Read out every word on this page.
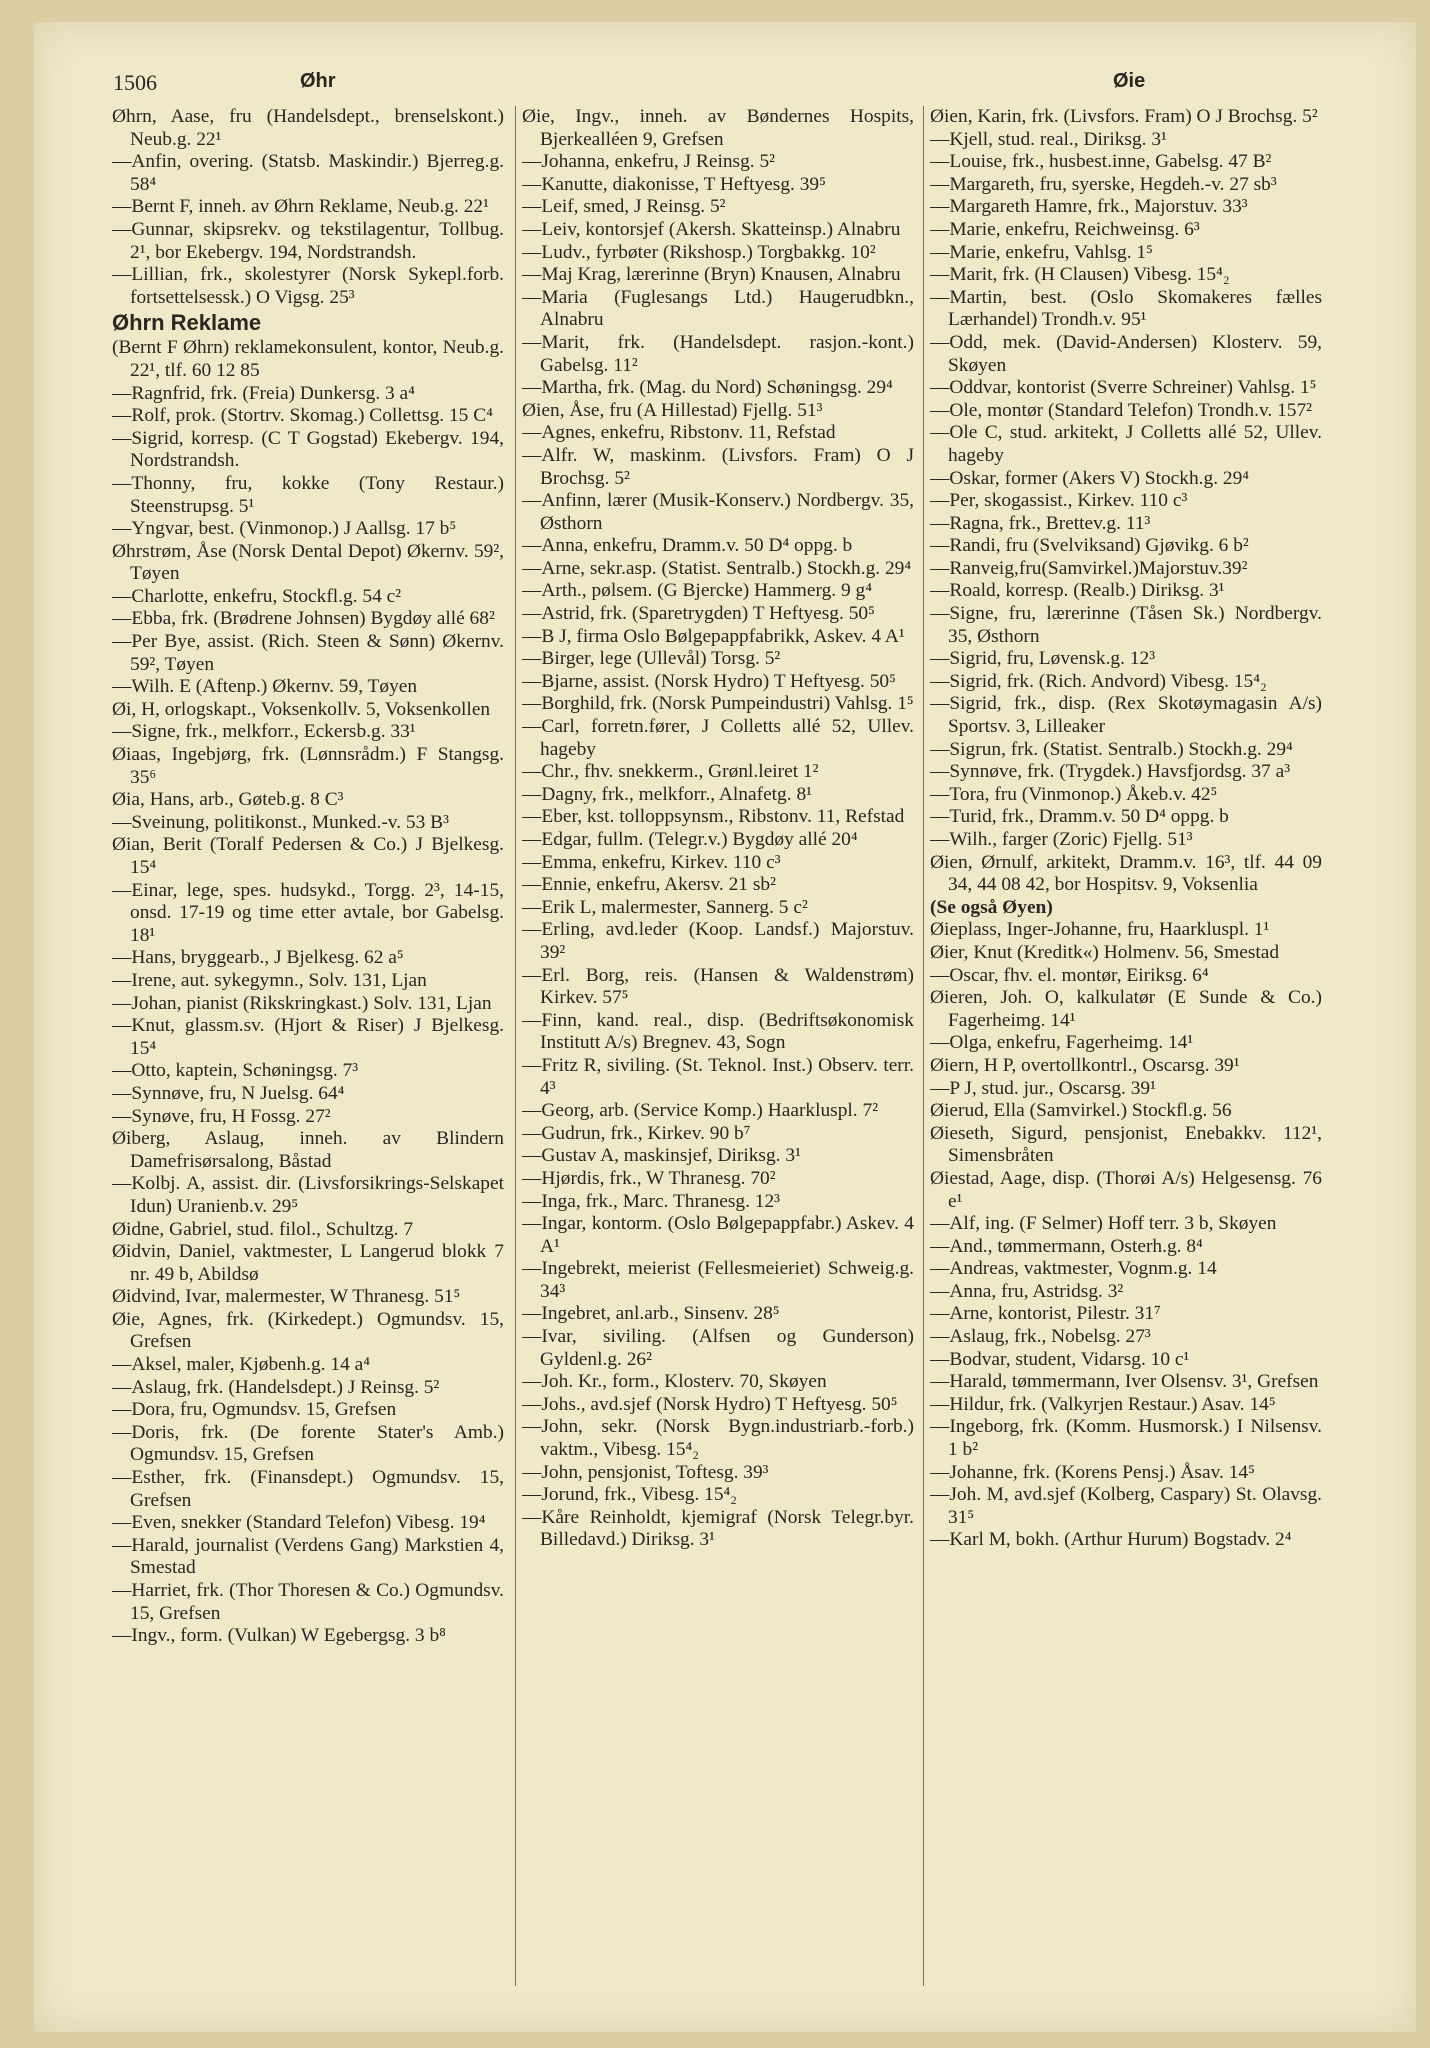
1506	Øhr	Øie
Øhrn, Aase, fru (Handelsdept., brenselskont.) Neub.g. 22¹
—Anfin, overing. (Statsb. Maskindir.) Bjerreg.g. 58⁴
—Bernt F, inneh. av Øhrn Reklame, Neub.g. 22¹
—Gunnar, skipsrekv. og tekstilagentur, Tollbug. 2¹, bor Ekebergv. 194, Nordstrandsh.
—Lillian, frk., skolestyrer (Norsk Sykepl.forb. fortsettelsessk.) O Vigsg. 25³
Øhrn Reklame
(Bernt F Øhrn) reklamekonsulent, kontor, Neub.g. 22¹, tlf. 60 12 85
—Ragnfrid, frk. (Freia) Dunkersg. 3 a⁴
—Rolf, prok. (Stortrv. Skomag.) Collettsg. 15 C⁴
—Sigrid, korresp. (C T Gogstad) Ekebergv. 194, Nordstrandsh.
—Thonny, fru, kokke (Tony Restaur.) Steenstrupsg. 5¹
—Yngvar, best. (Vinmonop.) J Aallsg. 17 b⁵
Øhrstrøm, Åse (Norsk Dental Depot) Økernv. 59², Tøyen
—Charlotte, enkefru, Stockfl.g. 54 c²
—Ebba, frk. (Brødrene Johnsen) Bygdøy allé 68²
—Per Bye, assist. (Rich. Steen & Sønn) Økernv. 59², Tøyen
—Wilh. E (Aftenp.) Økernv. 59, Tøyen
Øi, H, orlogskapt., Voksenkollv. 5, Voksenkollen
—Signe, frk., melkforr., Eckersb.g. 33¹
Øiaas, Ingebjørg, frk. (Lønnsrådm.) F Stangsg. 35⁶
Øia, Hans, arb., Gøteb.g. 8 C³
—Sveinung, politikonst., Munked.-v. 53 B³
Øian, Berit (Toralf Pedersen & Co.) J Bjelkesg. 15⁴
—Einar, lege, spes. hudsykd., Torgg. 2³, 14-15, onsd. 17-19 og time etter avtale, bor Gabelsg. 18¹
—Hans, bryggearb., J Bjelkesg. 62 a⁵
—Irene, aut. sykegymn., Solv. 131, Ljan
—Johan, pianist (Rikskringkast.) Solv. 131, Ljan
—Knut, glassm.sv. (Hjort & Riser) J Bjelkesg. 15⁴
—Otto, kaptein, Schøningsg. 7³
—Synnøve, fru, N Juelsg. 64⁴
—Synøve, fru, H Fossg. 27²
Øiberg, Aslaug, inneh. av Blindern Damefrisørsalong, Båstad
—Kolbj. A, assist. dir. (Livsforsikrings-Selskapet Idun) Uranienb.v. 29⁵
Øidne, Gabriel, stud. filol., Schultzg. 7
Øidvin, Daniel, vaktmester, L Langerud blokk 7 nr. 49 b, Abildsø
Øidvind, Ivar, malermester, W Thranesg. 51⁵
Øie, Agnes, frk. (Kirkedept.) Ogmundsv. 15, Grefsen
—Aksel, maler, Kjøbenh.g. 14 a⁴
—Aslaug, frk. (Handelsdept.) J Reinsg. 5²
—Dora, fru, Ogmundsv. 15, Grefsen
—Doris, frk. (De forente Stater's Amb.) Ogmundsv. 15, Grefsen
—Esther, frk. (Finansdept.) Ogmundsv. 15, Grefsen
—Even, snekker (Standard Telefon) Vibesg. 19⁴
—Harald, journalist (Verdens Gang) Markstien 4, Smestad
—Harriet, frk. (Thor Thoresen & Co.) Ogmundsv. 15, Grefsen
—Ingv., form. (Vulkan) W Egebergsg. 3 b⁸
Øie, Ingv., inneh. av Bøndernes Hospits, Bjerkealléen 9, Grefsen
—Johanna, enkefru, J Reinsg. 5²
—Kanutte, diakonisse, T Heftyesg. 39⁵
—Leif, smed, J Reinsg. 5²
—Leiv, kontorsjef (Akersh. Skatteinsp.) Alnabru
—Ludv., fyrbøter (Rikshosp.) Torgbakkg. 10²
—Maj Krag, lærerinne (Bryn) Knausen, Alnabru
—Maria (Fuglesangs Ltd.) Haugerudbkn., Alnabru
—Marit, frk. (Handelsdept. rasjon.-kont.) Gabelsg. 11²
—Martha, frk. (Mag. du Nord) Schøningsg. 29⁴
Øien, Åse, fru (A Hillestad) Fjellg. 51³
—Agnes, enkefru, Ribstonv. 11, Refstad
—Alfr. W, maskinm. (Livsfors. Fram) O J Brochsg. 5²
—Anfinn, lærer (Musik-Konserv.) Nordbergv. 35, Østhorn
—Anna, enkefru, Dramm.v. 50 D⁴ oppg. b
—Arne, sekr.asp. (Statist. Sentralb.) Stockh.g. 29⁴
—Arth., pølsem. (G Bjercke) Hammerg. 9 g⁴
—Astrid, frk. (Sparetrygden) T Heftyesg. 50⁵
—B J, firma Oslo Bølgepappfabrikk, Askev. 4 A¹
—Birger, lege (Ullevål) Torsg. 5²
—Bjarne, assist. (Norsk Hydro) T Heftyesg. 50⁵
—Borghild, frk. (Norsk Pumpeindustri) Vahlsg. 1⁵
—Carl, forretn.fører, J Colletts allé 52, Ullev. hageby
—Chr., fhv. snekkerm., Grønl.leiret 1²
—Dagny, frk., melkforr., Alnafetg. 8¹
—Eber, kst. tolloppsynsm., Ribstonv. 11, Refstad
—Edgar, fullm. (Telegr.v.) Bygdøy allé 20⁴
—Emma, enkefru, Kirkev. 110 c³
—Ennie, enkefru, Akersv. 21 sb²
—Erik L, malermester, Sannerg. 5 c²
—Erling, avd.leder (Koop. Landsf.) Majorstuv. 39²
—Erl. Borg, reis. (Hansen & Waldenstrøm) Kirkev. 57⁵
—Finn, kand. real., disp. (Bedriftsøkonomisk Institutt A/s) Bregnev. 43, Sogn
—Fritz R, siviling. (St. Teknol. Inst.) Observ. terr. 4³
—Georg, arb. (Service Komp.) Haarkluspl. 7²
—Gudrun, frk., Kirkev. 90 b⁷
—Gustav A, maskinsjef, Diriksg. 3¹
—Hjørdis, frk., W Thranesg. 70²
—Inga, frk., Marc. Thranesg. 12³
—Ingar, kontorm. (Oslo Bølgepappfabr.) Askev. 4 A¹
—Ingebrekt, meierist (Fellesmeieriet) Schweig.g. 34³
—Ingebret, anl.arb., Sinsenv. 28⁵
—Ivar, siviling. (Alfsen og Gunderson) Gyldenl.g. 26²
—Joh. Kr., form., Klosterv. 70, Skøyen
—Johs., avd.sjef (Norsk Hydro) T Heftyesg. 50⁵
—John, sekr. (Norsk Bygn.industriarb.-forb.) vaktm., Vibesg. 15⁴₂
—John, pensjonist, Toftesg. 39³
—Jorund, frk., Vibesg. 15⁴₂
—Kåre Reinholdt, kjemigraf (Norsk Telegr.byr. Billedavd.) Diriksg. 3¹
Øien, Karin, frk. (Livsfors. Fram) O J Brochsg. 5²
—Kjell, stud. real., Diriksg. 3¹
—Louise, frk., husbest.inne, Gabelsg. 47 B²
—Margareth, fru, syerske, Hegdeh.-v. 27 sb³
—Margareth Hamre, frk., Majorstuv. 33³
—Marie, enkefru, Reichweinsg. 6³
—Marie, enkefru, Vahlsg. 1⁵
—Marit, frk. (H Clausen) Vibesg. 15⁴₂
—Martin, best. (Oslo Skomakeres fælles Lærhandel) Trondh.v. 95¹
—Odd, mek. (David-Andersen) Klosterv. 59, Skøyen
—Oddvar, kontorist (Sverre Schreiner) Vahlsg. 1⁵
—Ole, montør (Standard Telefon) Trondh.v. 157²
—Ole C, stud. arkitekt, J Colletts allé 52, Ullev. hageby
—Oskar, former (Akers V) Stockh.g. 29⁴
—Per, skogassist., Kirkev. 110 c³
—Ragna, frk., Brettev.g. 11³
—Randi, fru (Svelviksand) Gjøvikg. 6 b²
—Ranveig,fru(Samvirkel.)Majorstuv.39²
—Roald, korresp. (Realb.) Diriksg. 3¹
—Signe, fru, lærerinne (Tåsen Sk.) Nordbergv. 35, Østhorn
—Sigrid, fru, Løvensk.g. 12³
—Sigrid, frk. (Rich. Andvord) Vibesg. 15⁴₂
—Sigrid, frk., disp. (Rex Skotøymagasin A/s) Sportsv. 3, Lilleaker
—Sigrun, frk. (Statist. Sentralb.) Stockh.g. 29⁴
—Synnøve, frk. (Trygdek.) Havsfjordsg. 37 a³
—Tora, fru (Vinmonop.) Åkeb.v. 42⁵
—Turid, frk., Dramm.v. 50 D⁴ oppg. b
—Wilh., farger (Zoric) Fjellg. 51³
Øien, Ørnulf, arkitekt, Dramm.v. 16³, tlf. 44 09 34, 44 08 42, bor Hospitsv. 9, Voksenlia
(Se også Øyen)
Øieplass, Inger-Johanne, fru, Haarkluspl. 1¹
Øier, Knut (Kreditk«) Holmenv. 56, Smestad
—Oscar, fhv. el. montør, Eiriksg. 6⁴
Øieren, Joh. O, kalkulatør (E Sunde & Co.) Fagerheimg. 14¹
—Olga, enkefru, Fagerheimg. 14¹
Øiern, H P, overtollkontrl., Oscarsg. 39¹
—P J, stud. jur., Oscarsg. 39¹
Øierud, Ella (Samvirkel.) Stockfl.g. 56
Øieseth, Sigurd, pensjonist, Enebakkv. 112¹, Simensbråten
Øiestad, Aage, disp. (Thorøi A/s) Helgesensg. 76 e¹
—Alf, ing. (F Selmer) Hoff terr. 3 b, Skøyen
—And., tømmermann, Osterh.g. 8⁴
—Andreas, vaktmester, Vognm.g. 14
—Anna, fru, Astridsg. 3²
—Arne, kontorist, Pilestr. 31⁷
—Aslaug, frk., Nobelsg. 27³
—Bodvar, student, Vidarsg. 10 c¹
—Harald, tømmermann, Iver Olsensv. 3¹, Grefsen
—Hildur, frk. (Valkyrjen Restaur.) Asav. 14⁵
—Ingeborg, frk. (Komm. Husmorsk.) I Nilsensv. 1 b²
—Johanne, frk. (Korens Pensj.) Åsav. 14⁵
—Joh. M, avd.sjef (Kolberg, Caspary) St. Olavsg. 31⁵
—Karl M, bokh. (Arthur Hurum) Bogstadv. 2⁴
